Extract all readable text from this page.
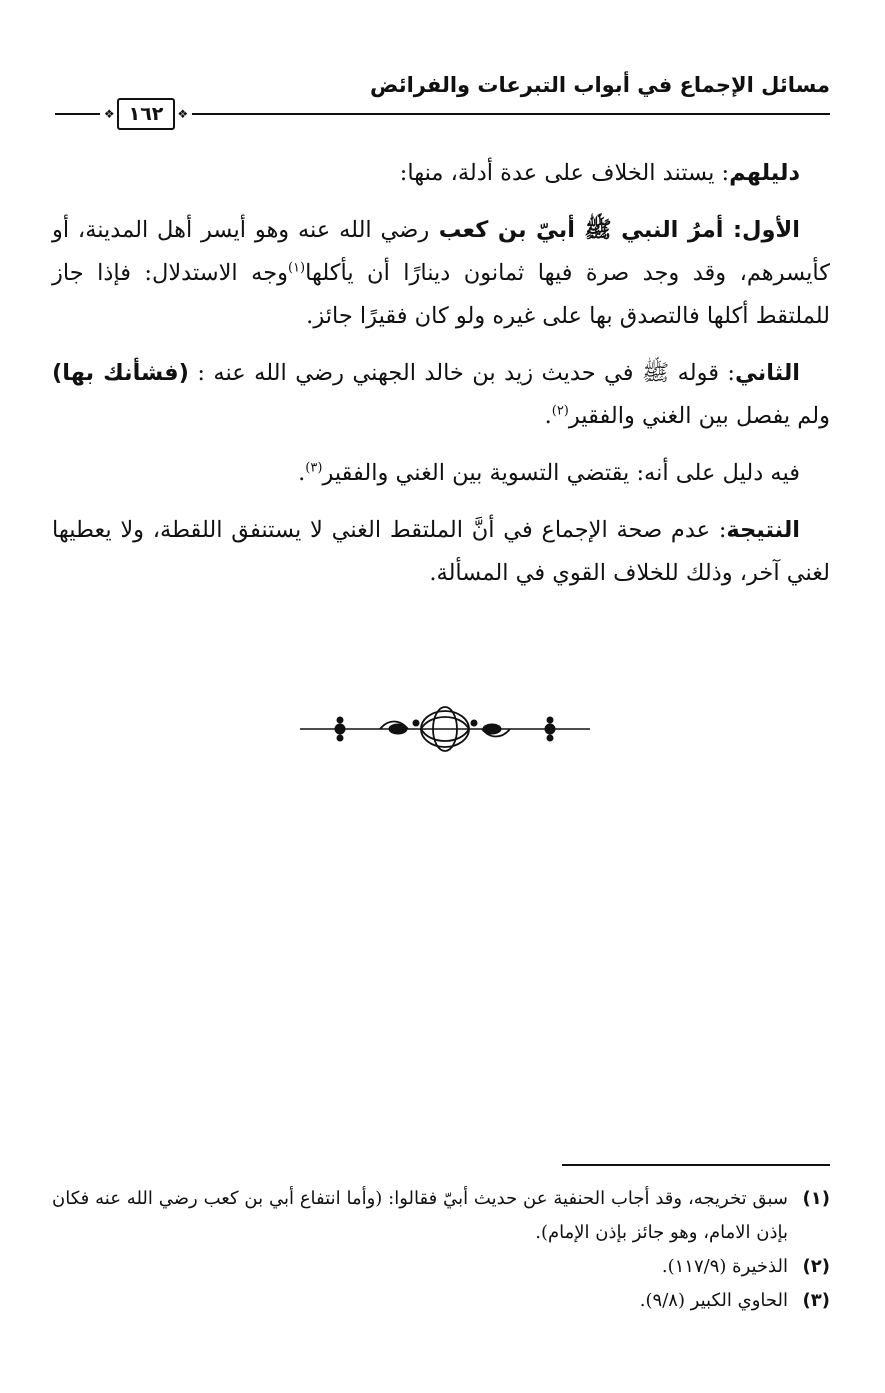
مسائل الإجماع في أبواب التبرعات والفرائض
❖
١٦٢
❖

دليلهم: يستند الخلاف على عدة أدلة، منها:

الأول: أمرُ النبي ﷺ أبيّ بن كعب رضي الله عنه وهو أيسر أهل المدينة، أو كأيسرهم، وقد وجد صرة فيها ثمانون دينارًا أن يأكلها$^{(١)}$وجه الاستدلال: فإذا جاز للملتقط أكلها فالتصدق بها على غيره ولو كان فقيرًا جائز.

الثاني: قوله ﷺ في حديث زيد بن خالد الجهني رضي الله عنه : (فشأنك بها) ولم يفصل بين الغني والفقير$^{(٢)}$.

فيه دليل على أنه: يقتضي التسوية بين الغني والفقير$^{(٣)}$.

النتيجة: عدم صحة الإجماع في أنَّ الملتقط الغني لا يستنفق اللقطة، ولا يعطيها لغني آخر، وذلك للخلاف القوي في المسألة.

(١)
سبق تخريجه، وقد أجاب الحنفية عن حديث أبيّ فقالوا: (وأما انتفاع أبي بن كعب رضي الله عنه فكان بإذن الامام، وهو جائز بإذن الإمام).
(٢)
الذخيرة (١١٧/٩).
(٣)
الحاوي الكبير (٩/٨).
